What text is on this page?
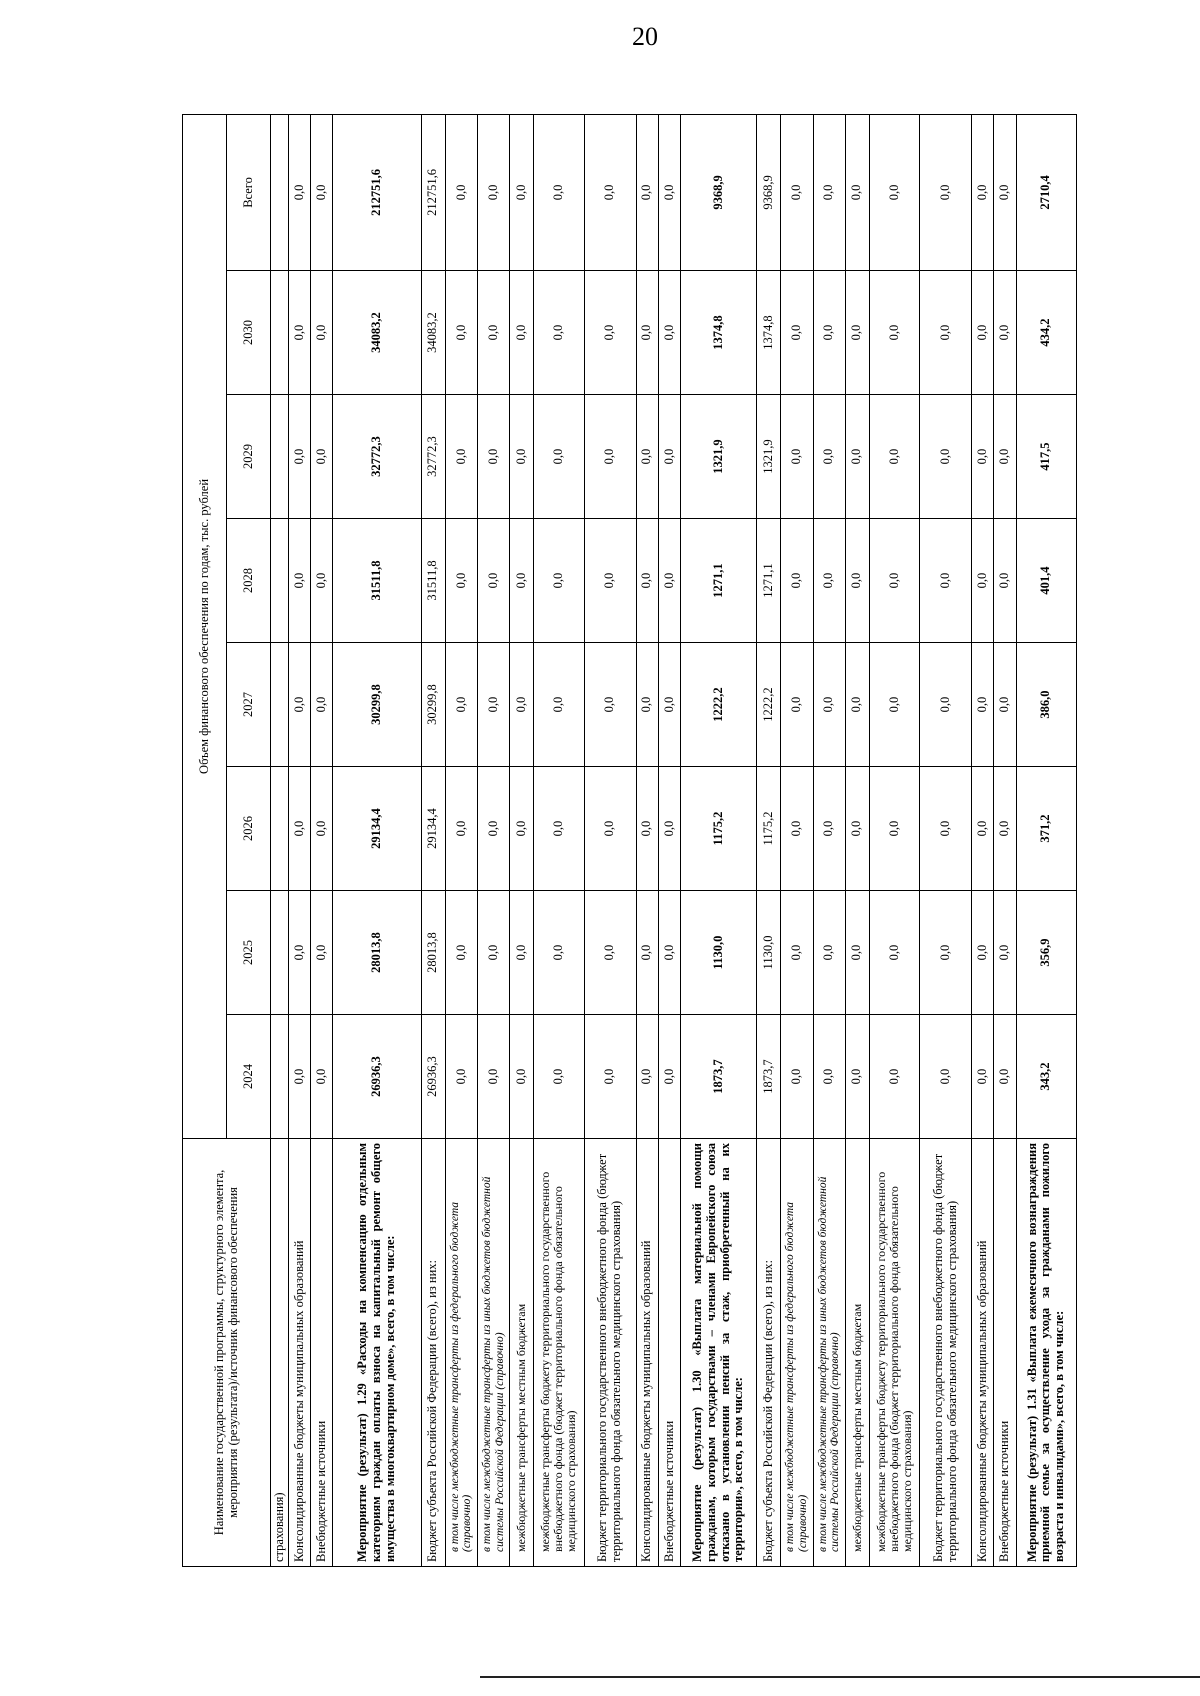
20
Наименование государственной программы, структурного элемента, мероприятия (результата)/источник финансового обеспечения	Объем финансового обеспечения по годам, тыс. рублей							
	2024	2025	2026	2027	2028	2029	2030	Всего
страхования)								
Консолидированные бюджеты муниципальных образований	0,0	0,0	0,0	0,0	0,0	0,0	0,0	0,0
Внебюджетные источники	0,0	0,0	0,0	0,0	0,0	0,0	0,0	0,0
Мероприятие (результат) 1.29 «Расходы на компенсацию отдельным категориям граждан оплаты взноса на капитальный ремонт общего имущества в многоквартирном доме», всего, в том числе:	26936,3	28013,8	29134,4	30299,8	31511,8	32772,3	34083,2	212751,6
Бюджет субъекта Российской Федерации (всего), из них:	26936,3	28013,8	29134,4	30299,8	31511,8	32772,3	34083,2	212751,6
в том числе межбюджетные трансферты из федерального бюджета (справочно)	0,0	0,0	0,0	0,0	0,0	0,0	0,0	0,0
в том числе межбюджетные трансферты из иных бюджетов бюджетной системы Российской Федерации (справочно)	0,0	0,0	0,0	0,0	0,0	0,0	0,0	0,0
межбюджетные трансферты местным бюджетам	0,0	0,0	0,0	0,0	0,0	0,0	0,0	0,0
межбюджетные трансферты бюджету территориального государственного внебюджетного фонда (бюджет территориального фонда обязательного медицинского страхования)	0,0	0,0	0,0	0,0	0,0	0,0	0,0	0,0
Бюджет территориального государственного внебюджетного фонда (бюджет территориального фонда обязательного медицинского страхования)	0,0	0,0	0,0	0,0	0,0	0,0	0,0	0,0
Консолидированные бюджеты муниципальных образований	0,0	0,0	0,0	0,0	0,0	0,0	0,0	0,0
Внебюджетные источники	0,0	0,0	0,0	0,0	0,0	0,0	0,0	0,0
Мероприятие (результат) 1.30 «Выплата материальной помощи гражданам, которым государствами – членами Европейского союза отказано в установлении пенсий за стаж, приобретенный на их территории», всего, в том числе:	1873,7	1130,0	1175,2	1222,2	1271,1	1321,9	1374,8	9368,9
Бюджет субъекта Российской Федерации (всего), из них:	1873,7	1130,0	1175,2	1222,2	1271,1	1321,9	1374,8	9368,9
в том числе межбюджетные трансферты из федерального бюджета (справочно)	0,0	0,0	0,0	0,0	0,0	0,0	0,0	0,0
в том числе межбюджетные трансферты из иных бюджетов бюджетной системы Российской Федерации (справочно)	0,0	0,0	0,0	0,0	0,0	0,0	0,0	0,0
межбюджетные трансферты местным бюджетам	0,0	0,0	0,0	0,0	0,0	0,0	0,0	0,0
межбюджетные трансферты бюджету территориального государственного внебюджетного фонда (бюджет территориального фонда обязательного медицинского страхования)	0,0	0,0	0,0	0,0	0,0	0,0	0,0	0,0
Бюджет территориального государственного внебюджетного фонда (бюджет территориального фонда обязательного медицинского страхования)	0,0	0,0	0,0	0,0	0,0	0,0	0,0	0,0
Консолидированные бюджеты муниципальных образований	0,0	0,0	0,0	0,0	0,0	0,0	0,0	0,0
Внебюджетные источники	0,0	0,0	0,0	0,0	0,0	0,0	0,0	0,0
Мероприятие (результат) 1.31 «Выплата ежемесячного вознаграждения приемной семье за осуществление ухода за гражданами пожилого возраста и инвалидами», всего, в том числе:	343,2	356,9	371,2	386,0	401,4	417,5	434,2	2710,4
